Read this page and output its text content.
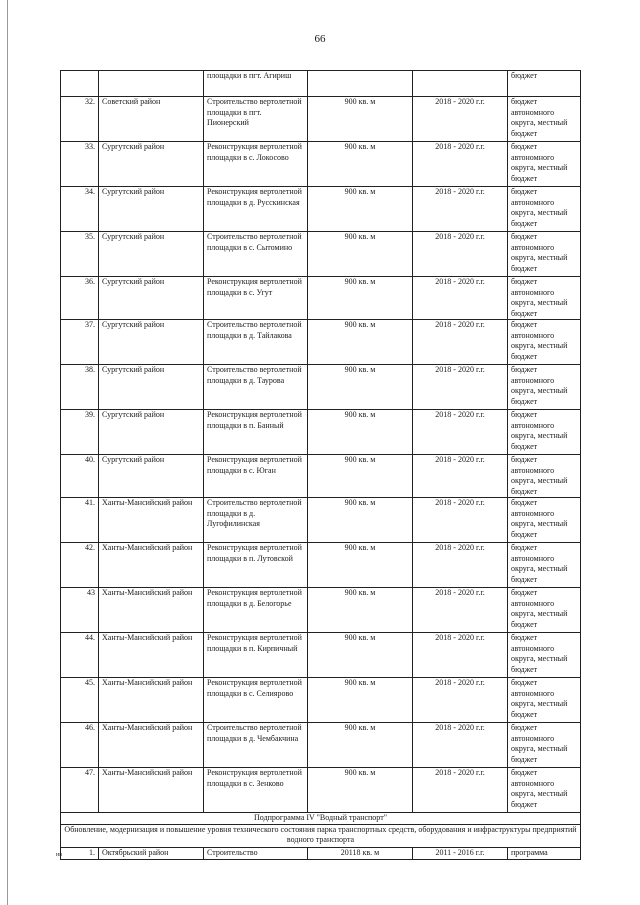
66
		площадки в пгт. Агириш			бюджет
32.	Советский район	Строительство вертолетной площадки в пгт. Пионерский	900 кв. м	2018 - 2020 г.г.	бюджет автономного округа, местный бюджет
33.	Сургутский район	Реконструкция вертолетной площадки в с. Локосово	900 кв. м	2018 - 2020 г.г.	бюджет автономного округа, местный бюджет
34.	Сургутский район	Реконструкция вертолетной площадки в д. Русскинская	900 кв. м	2018 - 2020 г.г.	бюджет автономного округа, местный бюджет
35.	Сургутский район	Строительство вертолетной площадки в с. Сытомино	900 кв. м	2018 - 2020 г.г.	бюджет автономного округа, местный бюджет
36.	Сургутский район	Реконструкция вертолетной площадки в с. Угут	900 кв. м	2018 - 2020 г.г.	бюджет автономного округа, местный бюджет
37.	Сургутский район	Строительство вертолетной площадки в д. Тайлакова	900 кв. м	2018 - 2020 г.г.	бюджет автономного округа, местный бюджет
38.	Сургутский район	Строительство вертолетной площадки в д. Таурова	900 кв. м	2018 - 2020 г.г.	бюджет автономного округа, местный бюджет
39.	Сургутский район	Реконструкция вертолетной площадки в п. Банный	900 кв. м	2018 - 2020 г.г.	бюджет автономного округа, местный бюджет
40.	Сургутский район	Реконструкция вертолетной площадки в с. Юган	900 кв. м	2018 - 2020 г.г.	бюджет автономного округа, местный бюджет
41.	Ханты-Мансийский район	Строительство вертолетной площадки в д. Лугофилинская	900 кв. м	2018 - 2020 г.г.	бюджет автономного округа, местный бюджет
42.	Ханты-Мансийский район	Реконструкция вертолетной площадки в п. Лутовской	900 кв. м	2018 - 2020 г.г.	бюджет автономного округа, местный бюджет
43	Ханты-Мансийский район	Реконструкция вертолетной площадки в д. Белогорье	900 кв. м	2018 - 2020 г.г.	бюджет автономного округа, местный бюджет
44.	Ханты-Мансийский район	Реконструкция вертолетной площадки в п. Кирпичный	900 кв. м	2018 - 2020 г.г.	бюджет автономного округа, местный бюджет
45.	Ханты-Мансийский район	Реконструкция вертолетной площадки в с. Селиярово	900 кв. м	2018 - 2020 г.г.	бюджет автономного округа, местный бюджет
46.	Ханты-Мансийский район	Строительство вертолетной площадки в д. Чембакчина	900 кв. м	2018 - 2020 г.г.	бюджет автономного округа, местный бюджет
47.	Ханты-Мансийский район	Реконструкция вертолетной площадки в с. Зенково	900 кв. м	2018 - 2020 г.г.	бюджет автономного округа, местный бюджет
Подпрограмма IV "Водный транспорт"					
Обновление, модернизация и повышение уровня технического состояния парка транспортных средств, оборудования и инфраструктуры предприятий водного транспорта					
1.	Октябрьский район	Строительство	20118 кв. м	2011 - 2016 г.г.	программа
нв
